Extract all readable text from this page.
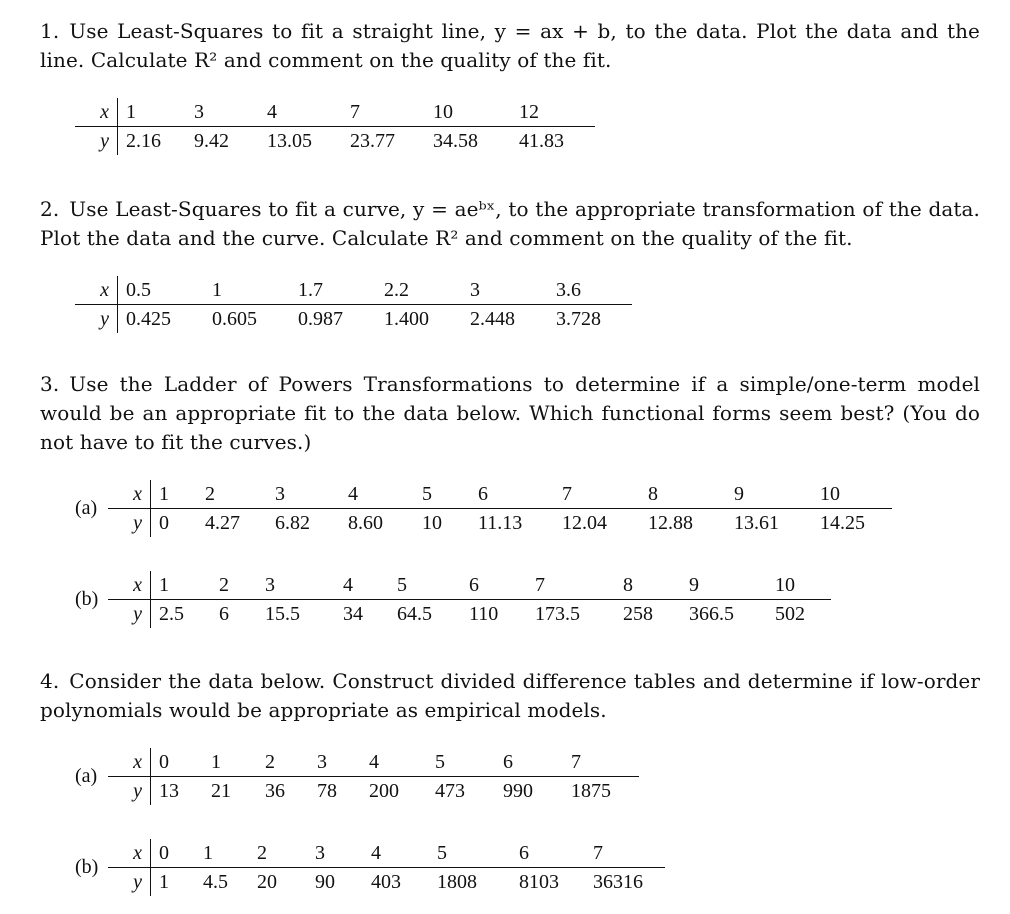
1. Use Least-Squares to fit a straight line, y = ax + b, to the data. Plot the data and the line. Calculate R² and comment on the quality of the fit.
x	1	3	4	7	10	12
y	2.16	9.42	13.05	23.77	34.58	41.83
2. Use Least-Squares to fit a curve, y = aeᵇˣ, to the appropriate transformation of the data. Plot the data and the curve. Calculate R² and comment on the quality of the fit.
x	0.5	1	1.7	2.2	3	3.6
y	0.425	0.605	0.987	1.400	2.448	3.728
3. Use the Ladder of Powers Transformations to determine if a simple/one-term model would be an appropriate fit to the data below. Which functional forms seem best? (You do not have to fit the curves.)
(a)
x	1	2	3	4	5	6	7	8	9	10
y	0	4.27	6.82	8.60	10	11.13	12.04	12.88	13.61	14.25
(b)
x	1	2	3	4	5	6	7	8	9	10
y	2.5	6	15.5	34	64.5	110	173.5	258	366.5	502
4. Consider the data below. Construct divided difference tables and determine if low-order polynomials would be appropriate as empirical models.
(a)
x	0	1	2	3	4	5	6	7
y	13	21	36	78	200	473	990	1875
(b)
x	0	1	2	3	4	5	6	7
y	1	4.5	20	90	403	1808	8103	36316
